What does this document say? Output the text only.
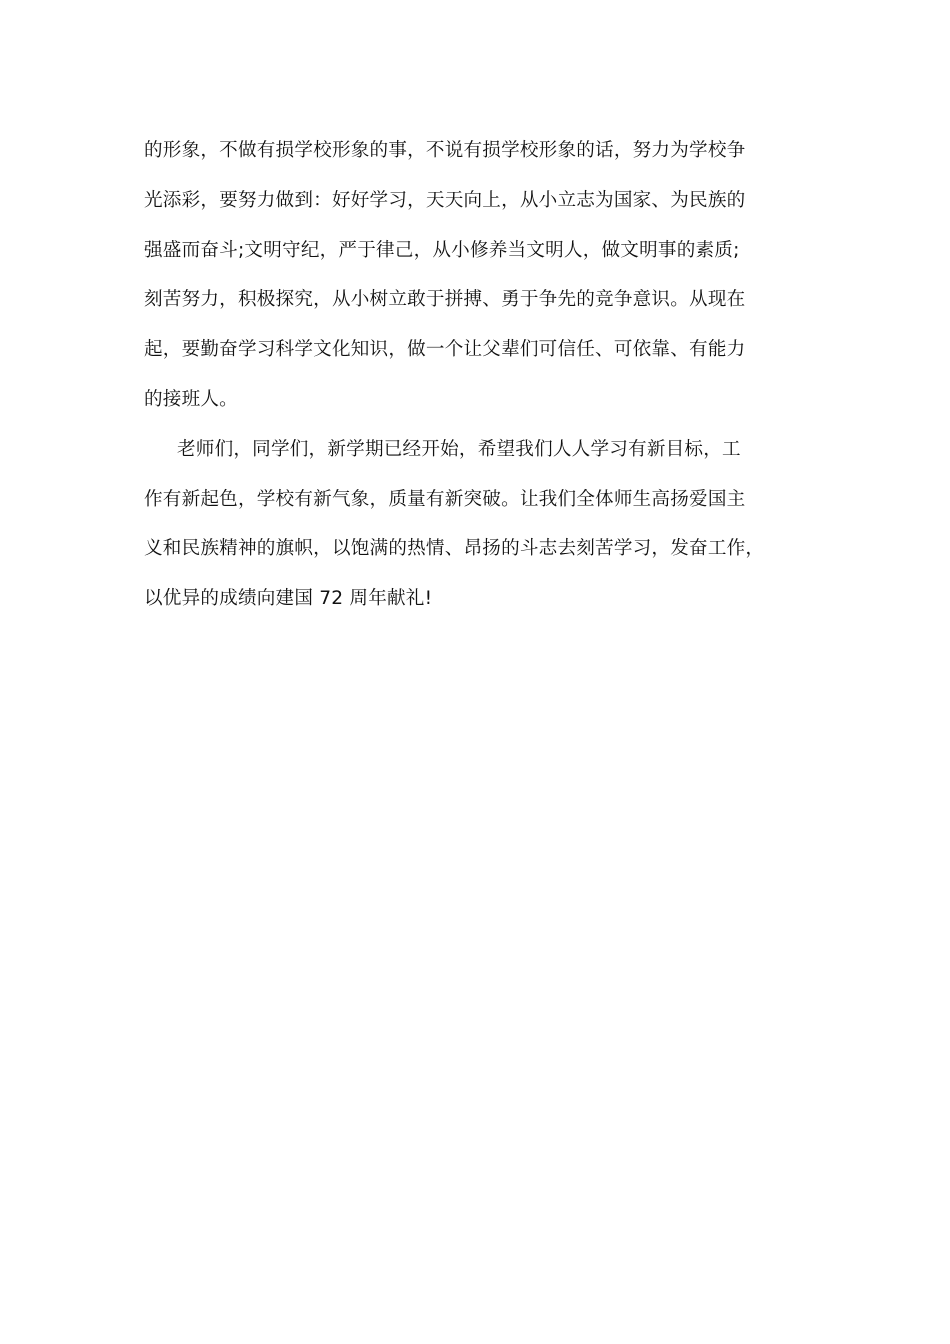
的形象，不做有损学校形象的事，不说有损学校形象的话，努力为学校争
光添彩，要努力做到：好好学习，天天向上，从小立志为国家、为民族的
强盛而奋斗;文明守纪，严于律己，从小修养当文明人，做文明事的素质;
刻苦努力，积极探究，从小树立敢于拼搏、勇于争先的竞争意识。从现在
起，要勤奋学习科学文化知识，做一个让父辈们可信任、可依靠、有能力
的接班人。
老师们，同学们，新学期已经开始，希望我们人人学习有新目标，工
作有新起色，学校有新气象，质量有新突破。让我们全体师生高扬爱国主
义和民族精神的旗帜，以饱满的热情、昂扬的斗志去刻苦学习，发奋工作，
以优异的成绩向建国 72 周年献礼!
